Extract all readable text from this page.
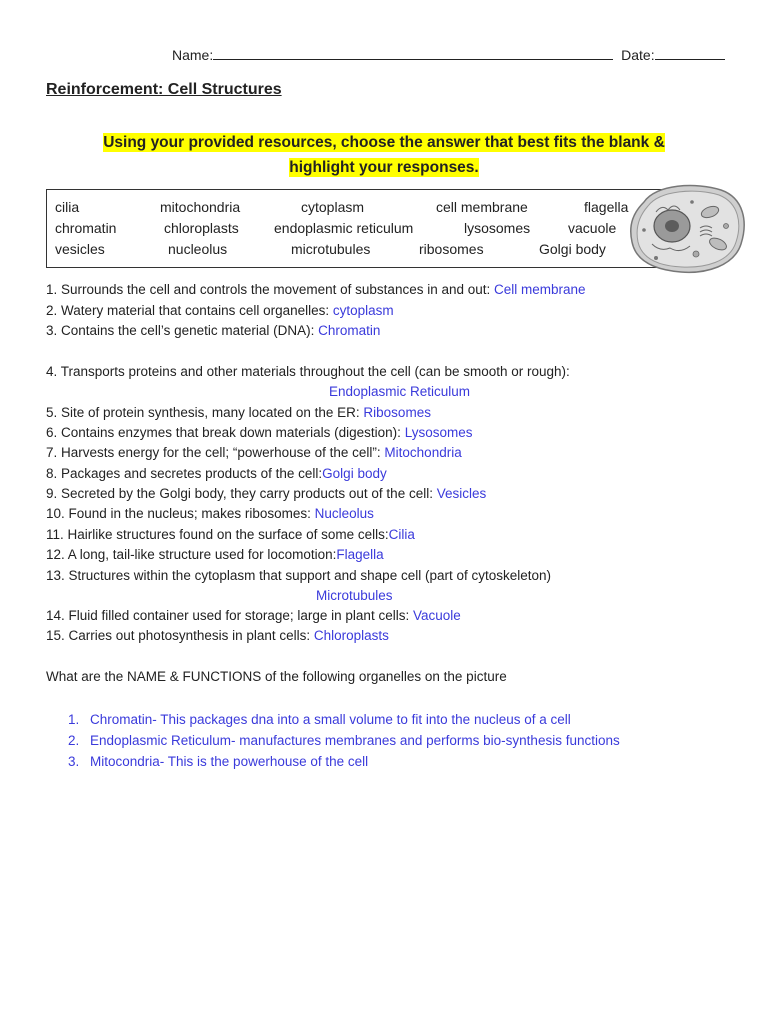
Name:	Date:
Reinforcement: Cell Structures
Using your provided resources, choose the answer that best fits the blank &
highlight your responses.
cilia	mitochondria	cytoplasm	cell membrane	flagella
chromatin	chloroplasts	endoplasmic reticulum	lysosomes	vacuole
vesicles	nucleolus	microtubules	ribosomes	Golgi body
1. Surrounds the cell and controls the movement of substances in and out: Cell membrane
2. Watery material that contains cell organelles: cytoplasm
3. Contains the cell’s genetic material (DNA): Chromatin
4. Transports proteins and other materials throughout the cell (can be smooth or rough):
Endoplasmic Reticulum
5. Site of protein synthesis, many located on the ER: Ribosomes
6. Contains enzymes that break down materials (digestion): Lysosomes
7. Harvests energy for the cell; “powerhouse of the cell”: Mitochondria
8. Packages and secretes products of the cell:Golgi body
9. Secreted by the Golgi body, they carry products out of the cell: Vesicles
10. Found in the nucleus; makes ribosomes: Nucleolus
11. Hairlike structures found on the surface of some cells:Cilia
12. A long, tail-like structure used for locomotion:Flagella
13. Structures within the cytoplasm that support and shape cell (part of cytoskeleton)
Microtubules
14. Fluid filled container used for storage; large in plant cells: Vacuole
15. Carries out photosynthesis in plant cells: Chloroplasts
What are the NAME & FUNCTIONS of the following organelles on the picture
1. Chromatin- This packages dna into a small volume to fit into the nucleus of a cell
2. Endoplasmic Reticulum- manufactures membranes and performs bio-synthesis functions
3. Mitocondria- This is the powerhouse of the cell
